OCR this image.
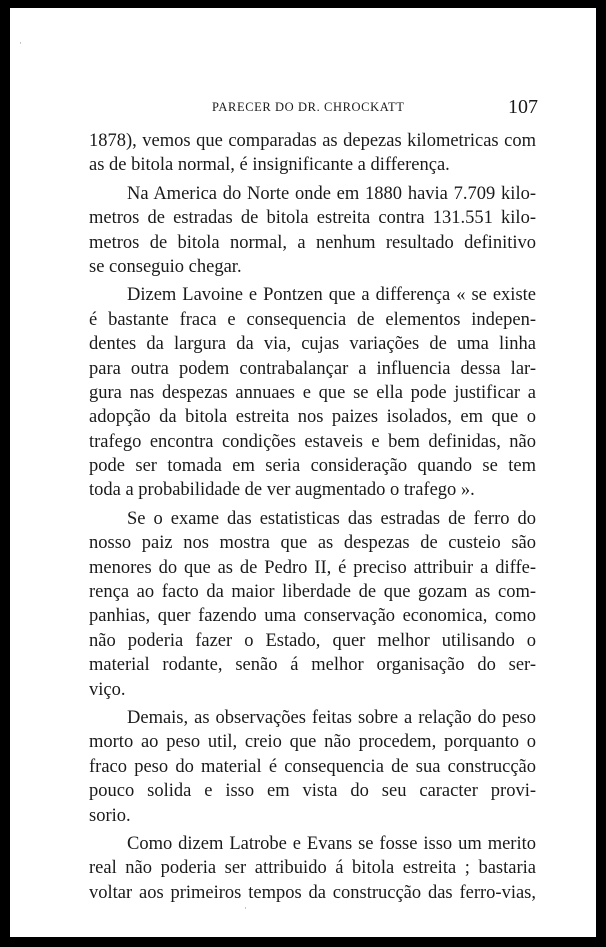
·
·
PARECER DO DR. CHROCKATT	107
1878), vemos que comparadas as depezas kilometricas com
as de bitola normal, é insignificante a differença.
Na America do Norte onde em 1880 havia 7.709 kilo-
metros de estradas de bitola estreita contra 131.551 kilo-
metros de bitola normal, a nenhum resultado definitivo
se conseguio chegar.
Dizem Lavoine e Pontzen que a differença « se existe
é bastante fraca e consequencia de elementos indepen-
dentes da largura da via, cujas variações de uma linha
para outra podem contrabalançar a influencia dessa lar-
gura nas despezas annuaes e que se ella pode justificar a
adopção da bitola estreita nos paizes isolados, em que o
trafego encontra condições estaveis e bem definidas, não
pode ser tomada em seria consideração quando se tem
toda a probabilidade de ver augmentado o trafego ».
Se o exame das estatisticas das estradas de ferro do
nosso paiz nos mostra que as despezas de custeio são
menores do que as de Pedro II, é preciso attribuir a diffe-
rença ao facto da maior liberdade de que gozam as com-
panhias, quer fazendo uma conservação economica, como
não poderia fazer o Estado, quer melhor utilisando o
material rodante, senão á melhor organisação do ser-
viço.
Demais, as observações feitas sobre a relação do peso
morto ao peso util, creio que não procedem, porquanto o
fraco peso do material é consequencia de sua construcção
pouco solida e isso em vista do seu caracter provi-
sorio.
Como dizem Latrobe e Evans se fosse isso um merito
real não poderia ser attribuido á bitola estreita ; bastaria
voltar aos primeiros tempos da construcção das ferro-vias,
